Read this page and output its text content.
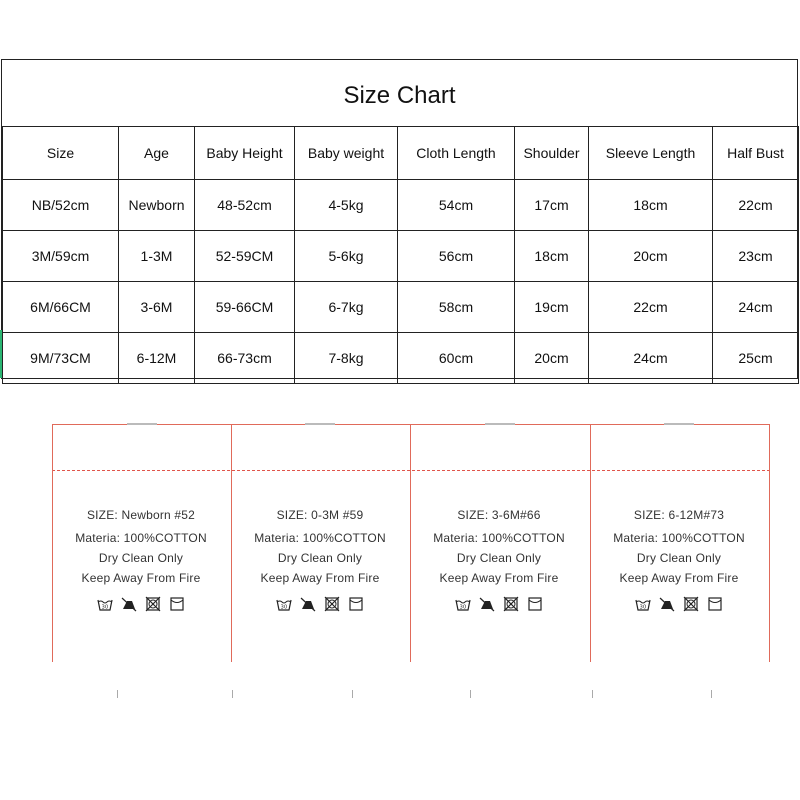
Size Chart
Size	Age	Baby Height	Baby weight	Cloth Length	Shoulder	Sleeve Length	Half Bust
NB/52cm	Newborn	48-52cm	4-5kg	54cm	17cm	18cm	22cm
3M/59cm	1-3M	52-59CM	5-6kg	56cm	18cm	20cm	23cm
6M/66CM	3-6M	59-66CM	6-7kg	58cm	19cm	22cm	24cm
9M/73CM	6-12M	66-73cm	7-8kg	60cm	20cm	24cm	25cm
SIZE: Newborn #52
Materia: 100%COTTON
Dry Clean Only
Keep Away From Fire
30
SIZE: 0-3M #59
Materia: 100%COTTON
Dry Clean Only
Keep Away From Fire
30
SIZE: 3-6M#66
Materia: 100%COTTON
Dry Clean Only
Keep Away From Fire
30
SIZE: 6-12M#73
Materia: 100%COTTON
Dry Clean Only
Keep Away From Fire
30
